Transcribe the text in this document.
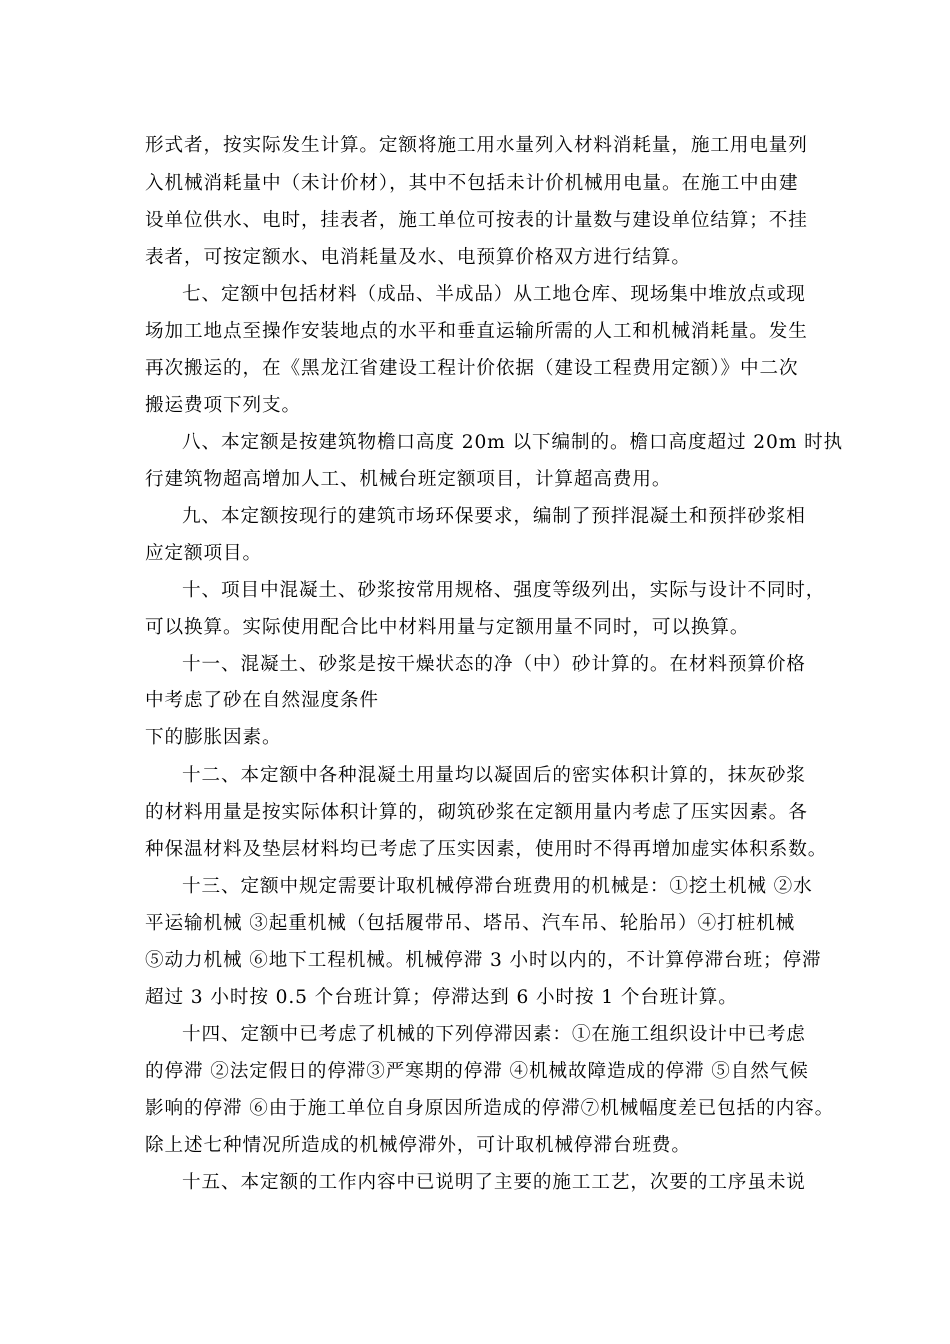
形式者，按实际发生计算。定额将施工用水量列入材料消耗量，施工用电量列
入机械消耗量中（未计价材），其中不包括未计价机械用电量。在施工中由建
设单位供水、电时，挂表者，施工单位可按表的计量数与建设单位结算；不挂
表者，可按定额水、电消耗量及水、电预算价格双方进行结算。
七、定额中包括材料（成品、半成品）从工地仓库、现场集中堆放点或现
场加工地点至操作安装地点的水平和垂直运输所需的人工和机械消耗量。发生
再次搬运的，在《黑龙江省建设工程计价依据（建设工程费用定额）》中二次
搬运费项下列支。
八、本定额是按建筑物檐口高度 20m 以下编制的。檐口高度超过 20m 时执
行建筑物超高增加人工、机械台班定额项目，计算超高费用。
九、本定额按现行的建筑市场环保要求，编制了预拌混凝土和预拌砂浆相
应定额项目。
十、项目中混凝土、砂浆按常用规格、强度等级列出，实际与设计不同时，
可以换算。实际使用配合比中材料用量与定额用量不同时，可以换算。
十一、混凝土、砂浆是按干燥状态的净（中）砂计算的。在材料预算价格
中考虑了砂在自然湿度条件
下的膨胀因素。
十二、本定额中各种混凝土用量均以凝固后的密实体积计算的，抹灰砂浆
的材料用量是按实际体积计算的，砌筑砂浆在定额用量内考虑了压实因素。各
种保温材料及垫层材料均已考虑了压实因素，使用时不得再增加虚实体积系数。
十三、定额中规定需要计取机械停滞台班费用的机械是：①挖土机械 ②水
平运输机械 ③起重机械（包括履带吊、塔吊、汽车吊、轮胎吊）④打桩机械
⑤动力机械 ⑥地下工程机械。机械停滞 3 小时以内的，不计算停滞台班；停滞
超过 3 小时按 0.5 个台班计算；停滞达到 6 小时按 1 个台班计算。
十四、定额中已考虑了机械的下列停滞因素：①在施工组织设计中已考虑
的停滞 ②法定假日的停滞③严寒期的停滞 ④机械故障造成的停滞 ⑤自然气候
影响的停滞 ⑥由于施工单位自身原因所造成的停滞⑦机械幅度差已包括的内容。
除上述七种情况所造成的机械停滞外，可计取机械停滞台班费。
十五、本定额的工作内容中已说明了主要的施工工艺，次要的工序虽未说
